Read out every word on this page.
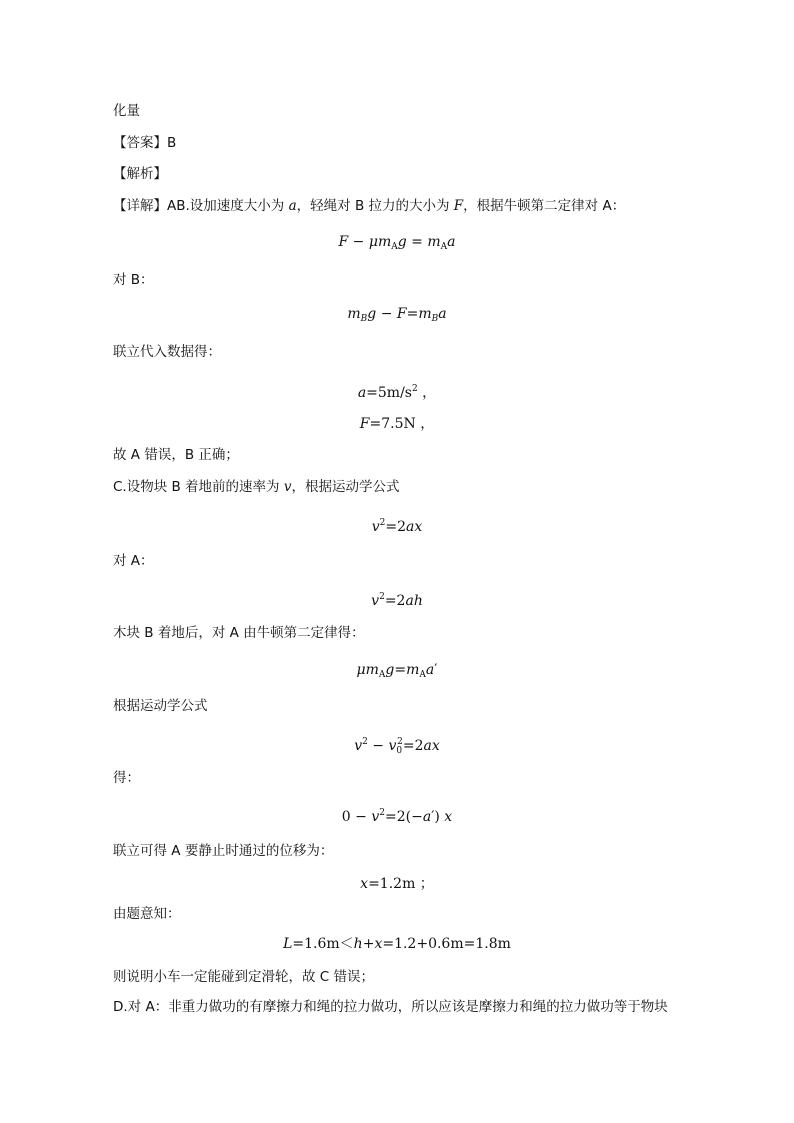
化量
【答案】B
【解析】
【详解】AB.设加速度大小为 a，轻绳对 B 拉力的大小为 F，根据牛顿第二定律对 A：
$F - \mu m_Ag = m_Aa$
对 B：
$m_Bg - F=m_Ba$
联立代入数据得：
$a=5m/s^2$ ，
F=7.5N ，
故 A 错误，B 正确；
C.设物块 B 着地前的速率为 v，根据运动学公式
$v^2=2ax$
对 A：
$v^2=2ah$
木块 B 着地后，对 A 由牛顿第二定律得：
$\mu m_Ag=m_Aa'$
根据运动学公式
$v^2 - v_0^2=2ax$
得：
$0 - v^2=2(-a')$ x
联立可得 A 要静止时通过的位移为：
x=1.2m ；
由题意知：
L=1.6m＜h+x=1.2+0.6m=1.8m
则说明小车一定能碰到定滑轮，故 C 错误；
D.对 A：非重力做功的有摩擦力和绳的拉力做功，所以应该是摩擦力和绳的拉力做功等于物块
